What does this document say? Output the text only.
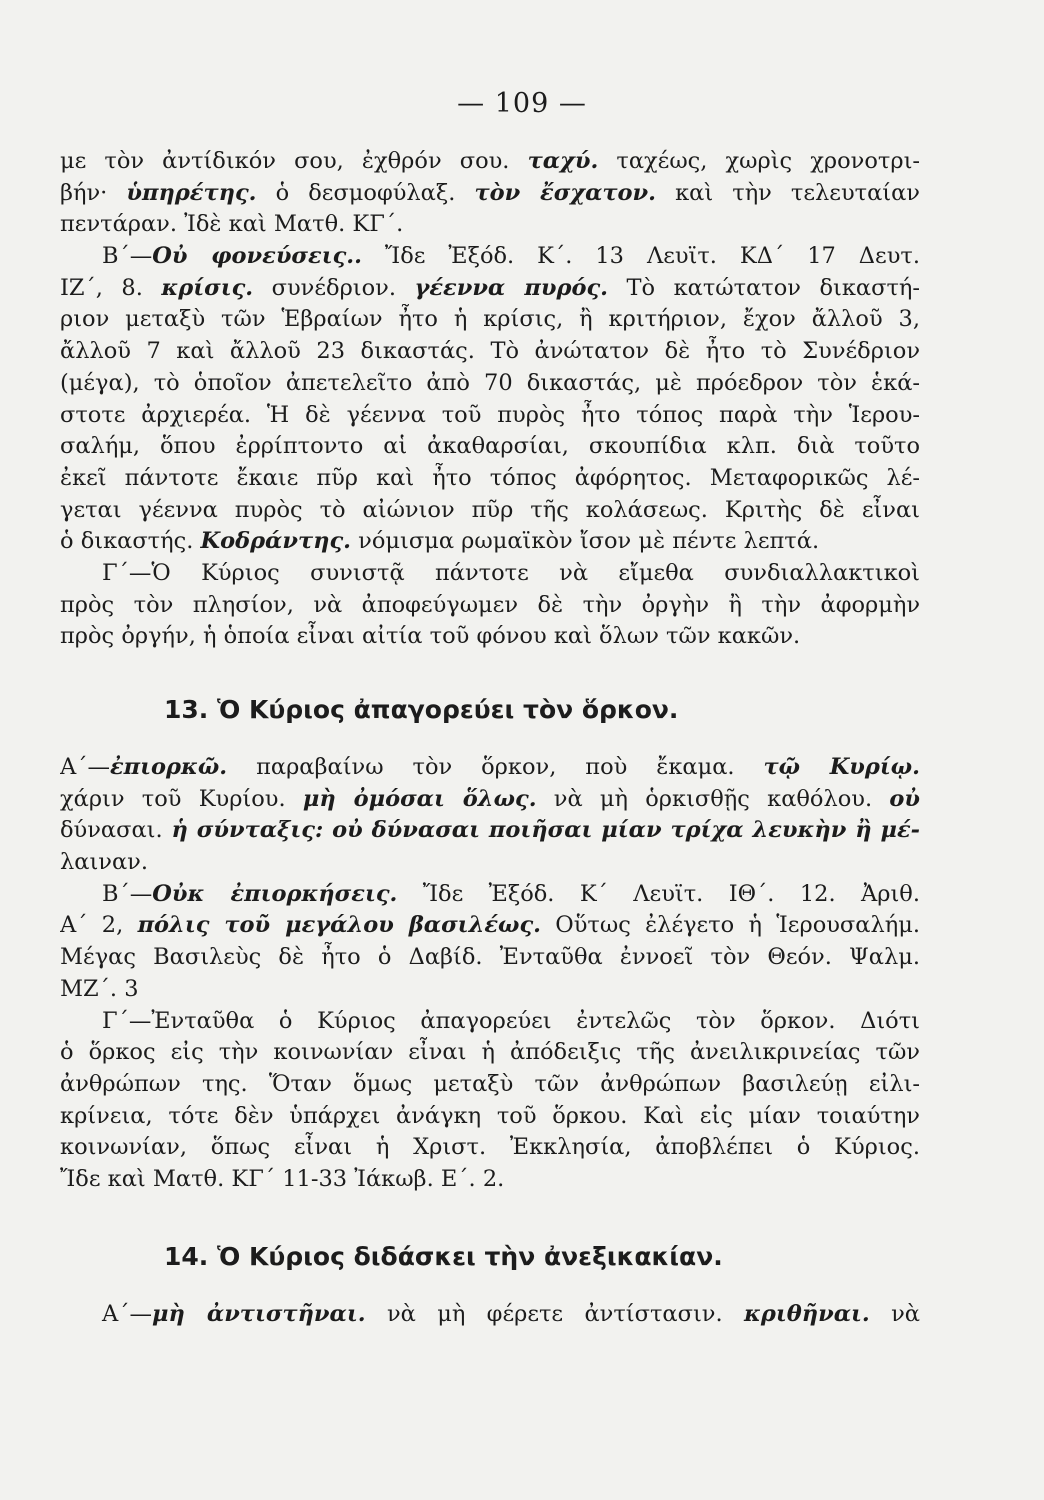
— 109 —
με τὸν ἀντίδικόν σου, ἐχθρόν σου. ταχύ. ταχέως, χωρὶς χρονοτρι-
βήν· ὑπηρέτης. ὁ δεσμοφύλαξ. τὸν ἔσχατον. καὶ τὴν τελευταίαν
πεντάραν. Ἰδὲ καὶ Ματθ. ΚΓ΄.
Β΄—Οὐ φονεύσεις.. Ἴδε Ἐξόδ. Κ΄. 13 Λευϊτ. ΚΔ΄ 17 Δευτ.
ΙΖ΄, 8. κρίσις. συνέδριον. γέεννα πυρός. Τὸ κατώτατον δικαστή-
ριον μεταξὺ τῶν Ἑβραίων ἦτο ἡ κρίσις, ἢ κριτήριον, ἔχον ἄλλοῦ 3,
ἄλλοῦ 7 καὶ ἄλλοῦ 23 δικαστάς. Τὸ ἀνώτατον δὲ ἦτο τὸ Συνέδριον
(μέγα), τὸ ὁποῖον ἀπετελεῖτο ἀπὸ 70 δικαστάς, μὲ πρόεδρον τὸν ἑκά-
στοτε ἀρχιερέα. Ἡ δὲ γέεννα τοῦ πυρὸς ἦτο τόπος παρὰ τὴν Ἱερου-
σαλήμ, ὅπου ἐρρίπτοντο αἱ ἀκαθαρσίαι, σκουπίδια κλπ. διὰ τοῦτο
ἐκεῖ πάντοτε ἔκαιε πῦρ καὶ ἦτο τόπος ἀφόρητος. Μεταφορικῶς λέ-
γεται γέεννα πυρὸς τὸ αἰώνιον πῦρ τῆς κολάσεως. Κριτὴς δὲ εἶναι
ὁ δικαστής. Κοδράντης. νόμισμα ρωμαϊκὸν ἴσον μὲ πέντε λεπτά.
Γ΄—Ὁ Κύριος συνιστᾷ πάντοτε νὰ εἴμεθα συνδιαλλακτικοὶ
πρὸς τὸν πλησίον, νὰ ἀποφεύγωμεν δὲ τὴν ὀργὴν ἢ τὴν ἀφορμὴν
πρὸς ὀργήν, ἡ ὁποία εἶναι αἰτία τοῦ φόνου καὶ ὅλων τῶν κακῶν.
13. Ὁ Κύριος ἀπαγορεύει τὸν ὅρκον.
Α΄—ἐπιορκῶ. παραβαίνω τὸν ὅρκον, ποὺ ἔκαμα. τῷ Κυρίῳ.
χάριν τοῦ Κυρίου. μὴ ὀμόσαι ὅλως. νὰ μὴ ὁρκισθῇς καθόλου. οὐ
δύνασαι. ἡ σύνταξις: οὐ δύνασαι ποιῆσαι μίαν τρίχα λευκὴν ἢ μέ-
λαιναν.
Β΄—Οὐκ ἐπιορκήσεις. Ἴδε Ἐξόδ. Κ΄ Λευϊτ. ΙΘ΄. 12. Ἀριθ.
Α΄ 2, πόλις τοῦ μεγάλου βασιλέως. Οὕτως ἐλέγετο ἡ Ἱερουσαλήμ.
Μέγας Βασιλεὺς δὲ ἦτο ὁ Δαβίδ. Ἐνταῦθα ἐννοεῖ τὸν Θεόν. Ψαλμ.
ΜΖ΄. 3
Γ΄—Ἐνταῦθα ὁ Κύριος ἀπαγορεύει ἐντελῶς τὸν ὅρκον. Διότι
ὁ ὅρκος εἰς τὴν κοινωνίαν εἶναι ἡ ἀπόδειξις τῆς ἀνειλικρινείας τῶν
ἀνθρώπων της. Ὅταν ὅμως μεταξὺ τῶν ἀνθρώπων βασιλεύῃ εἰλι-
κρίνεια, τότε δὲν ὑπάρχει ἀνάγκη τοῦ ὅρκου. Καὶ εἰς μίαν τοιαύτην
κοινωνίαν, ὅπως εἶναι ἡ Χριστ. Ἐκκλησία, ἀποβλέπει ὁ Κύριος.
Ἴδε καὶ Ματθ. ΚΓ΄ 11-33 Ἰάκωβ. Ε΄. 2.
14. Ὁ Κύριος διδάσκει τὴν ἀνεξικακίαν.
Α΄—μὴ ἀντιστῆναι. νὰ μὴ φέρετε ἀντίστασιν. κριθῆναι. νὰ
